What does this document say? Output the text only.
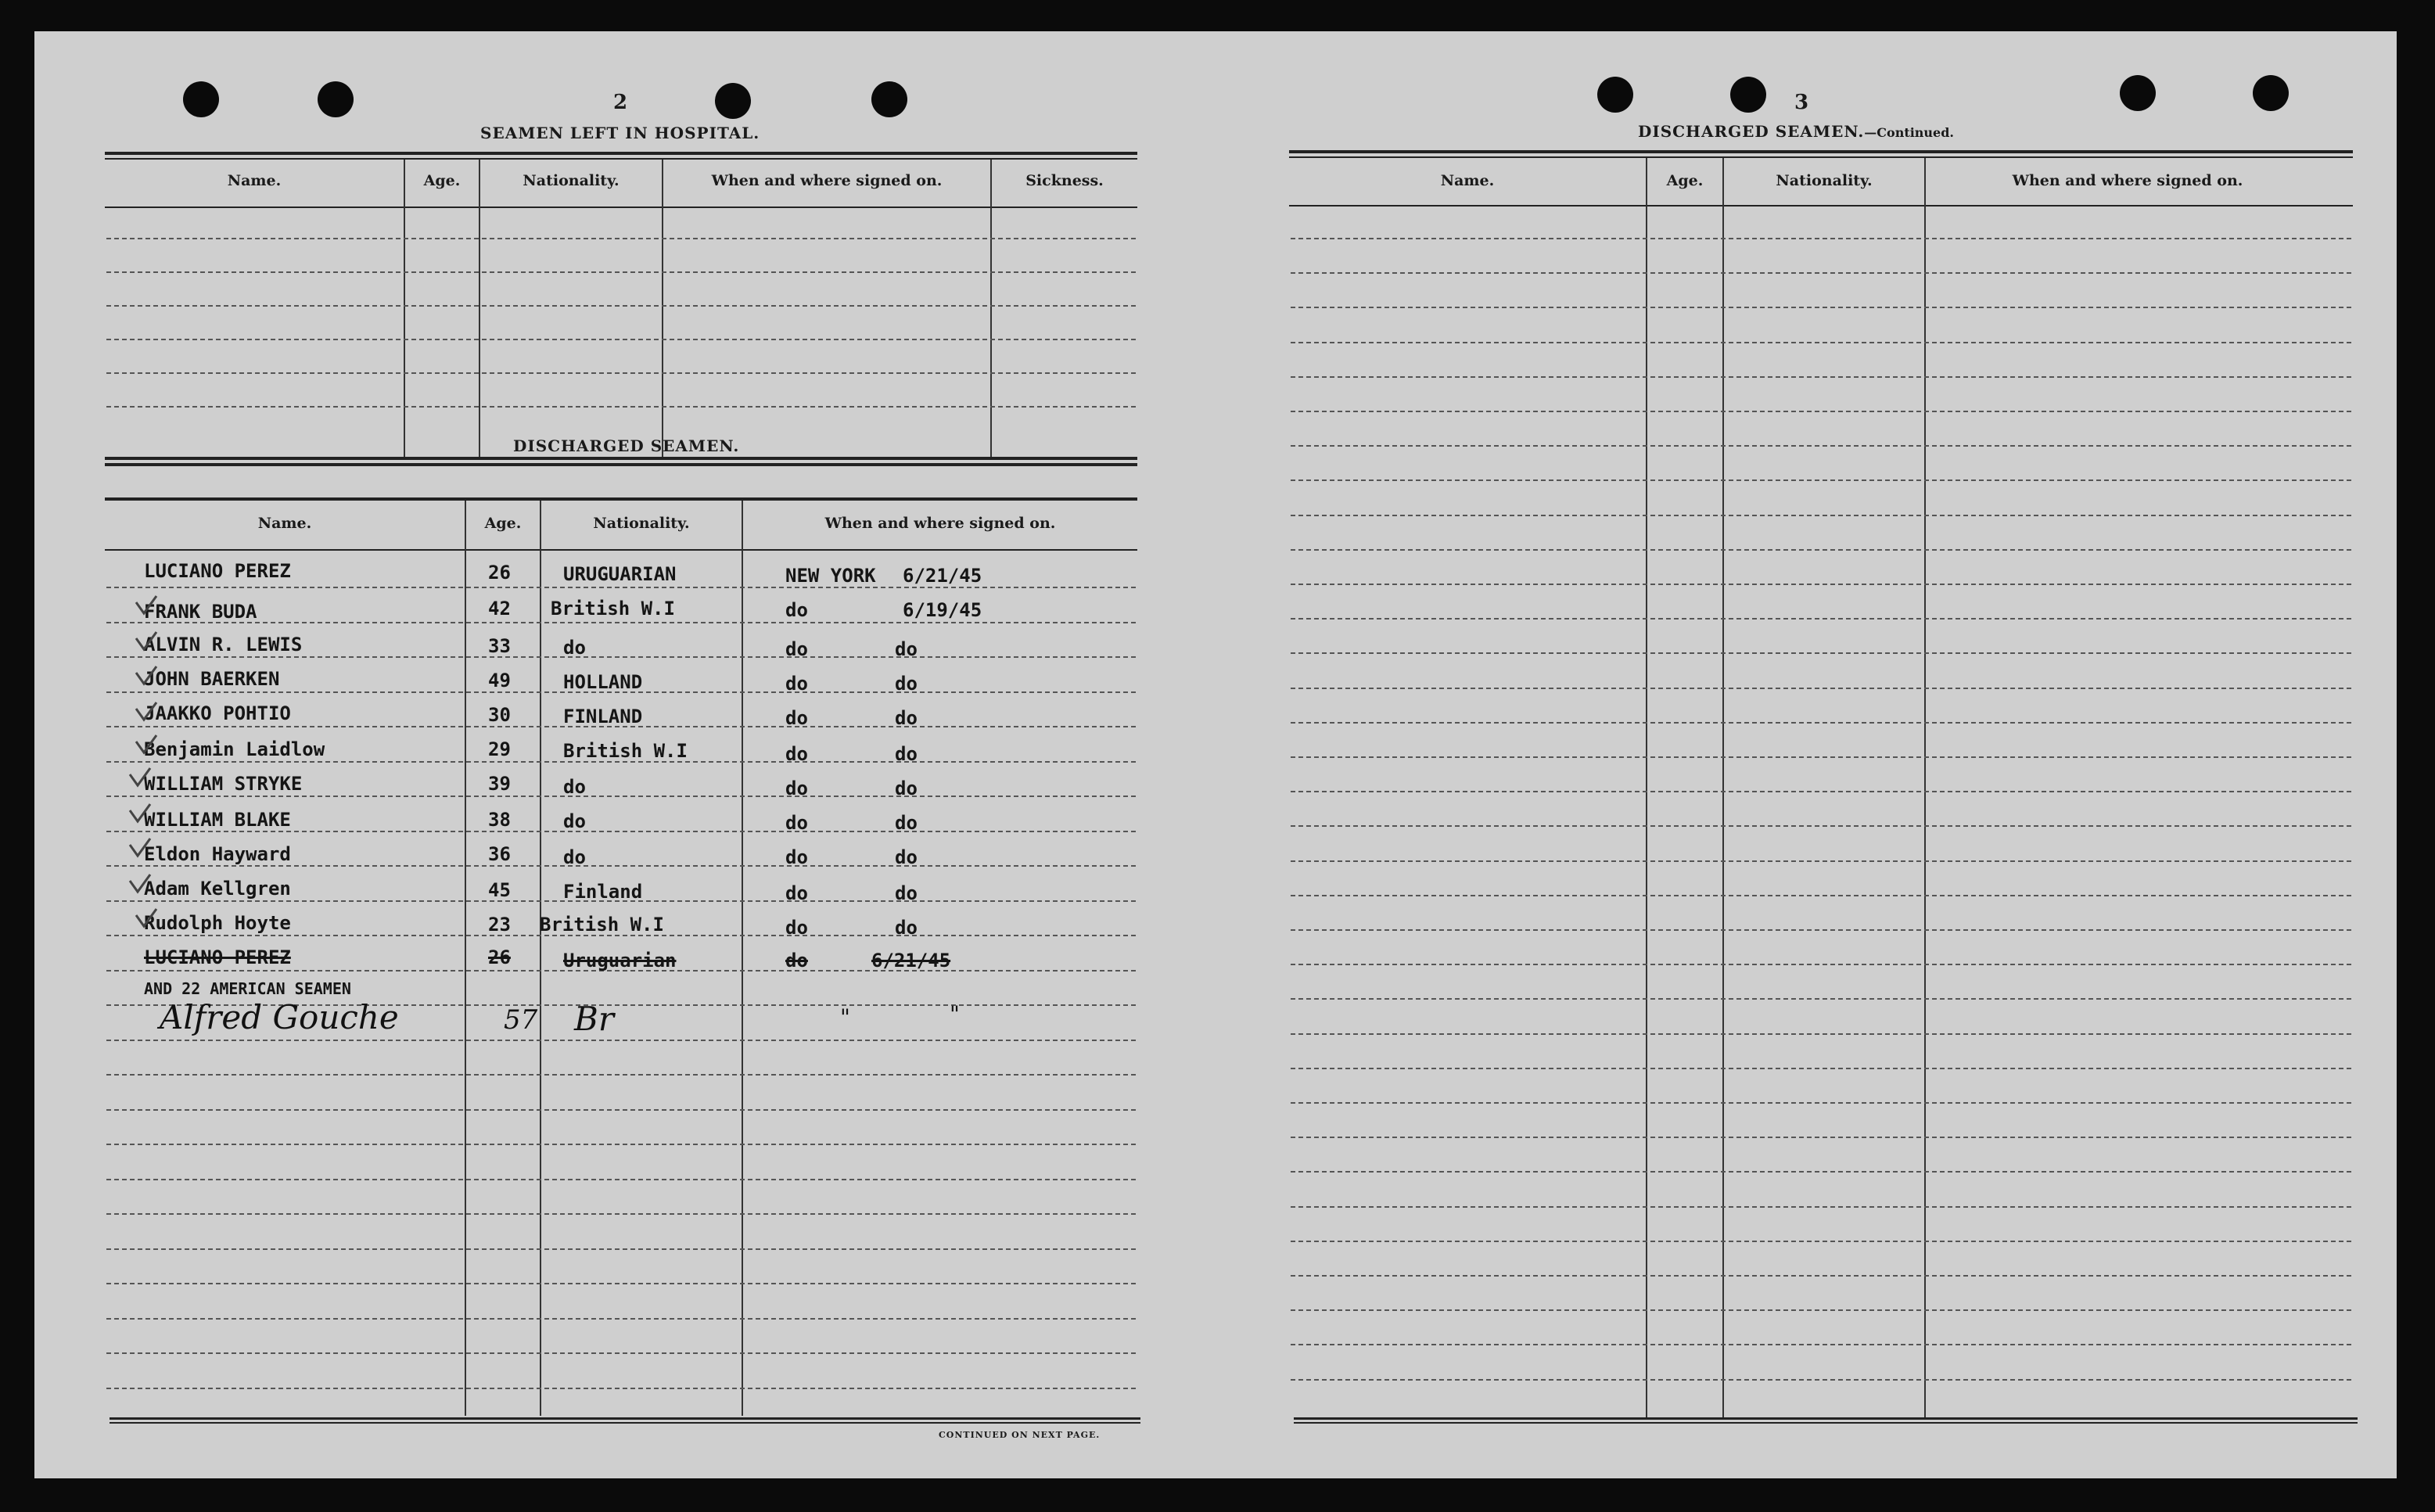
2
SEAMEN LEFT IN HOSPITAL.
Name.	Age.	Nationality.	When and where signed on.	Sickness.
DISCHARGED SEAMEN.
Name.	Age.	Nationality.	When and where signed on.
LUCIANO PEREZ	26	URUGUARIAN	NEW YORK 6/21/45
FRANK BUDA	42 British W.I	do	6/19/45
ALVIN R. LEWIS	33	do	do	do
JOHN BAERKEN	49	HOLLAND	do	do
JAAKKO POHTIO	30	FINLAND	do	do
Benjamin Laidlow	29	British W.I	do	do
WILLIAM STRYKE	39	do	do	do
WILLIAM BLAKE	38	do	do	do
Eldon Hayward	36	do	do	do
Adam Kellgren	45	Finland	do	do
Rudolph Hoyte	23 British W.I	do	do
LUCIANO PEREZ	26	Uruguarian	do	6/21/45
AND 22 AMERICAN SEAMEN
Alfred Gouche	57 Br	"	"
CONTINUED ON NEXT PAGE.
3
DISCHARGED SEAMEN.—Continued.
Name.	Age.	Nationality.	When and where signed on.
